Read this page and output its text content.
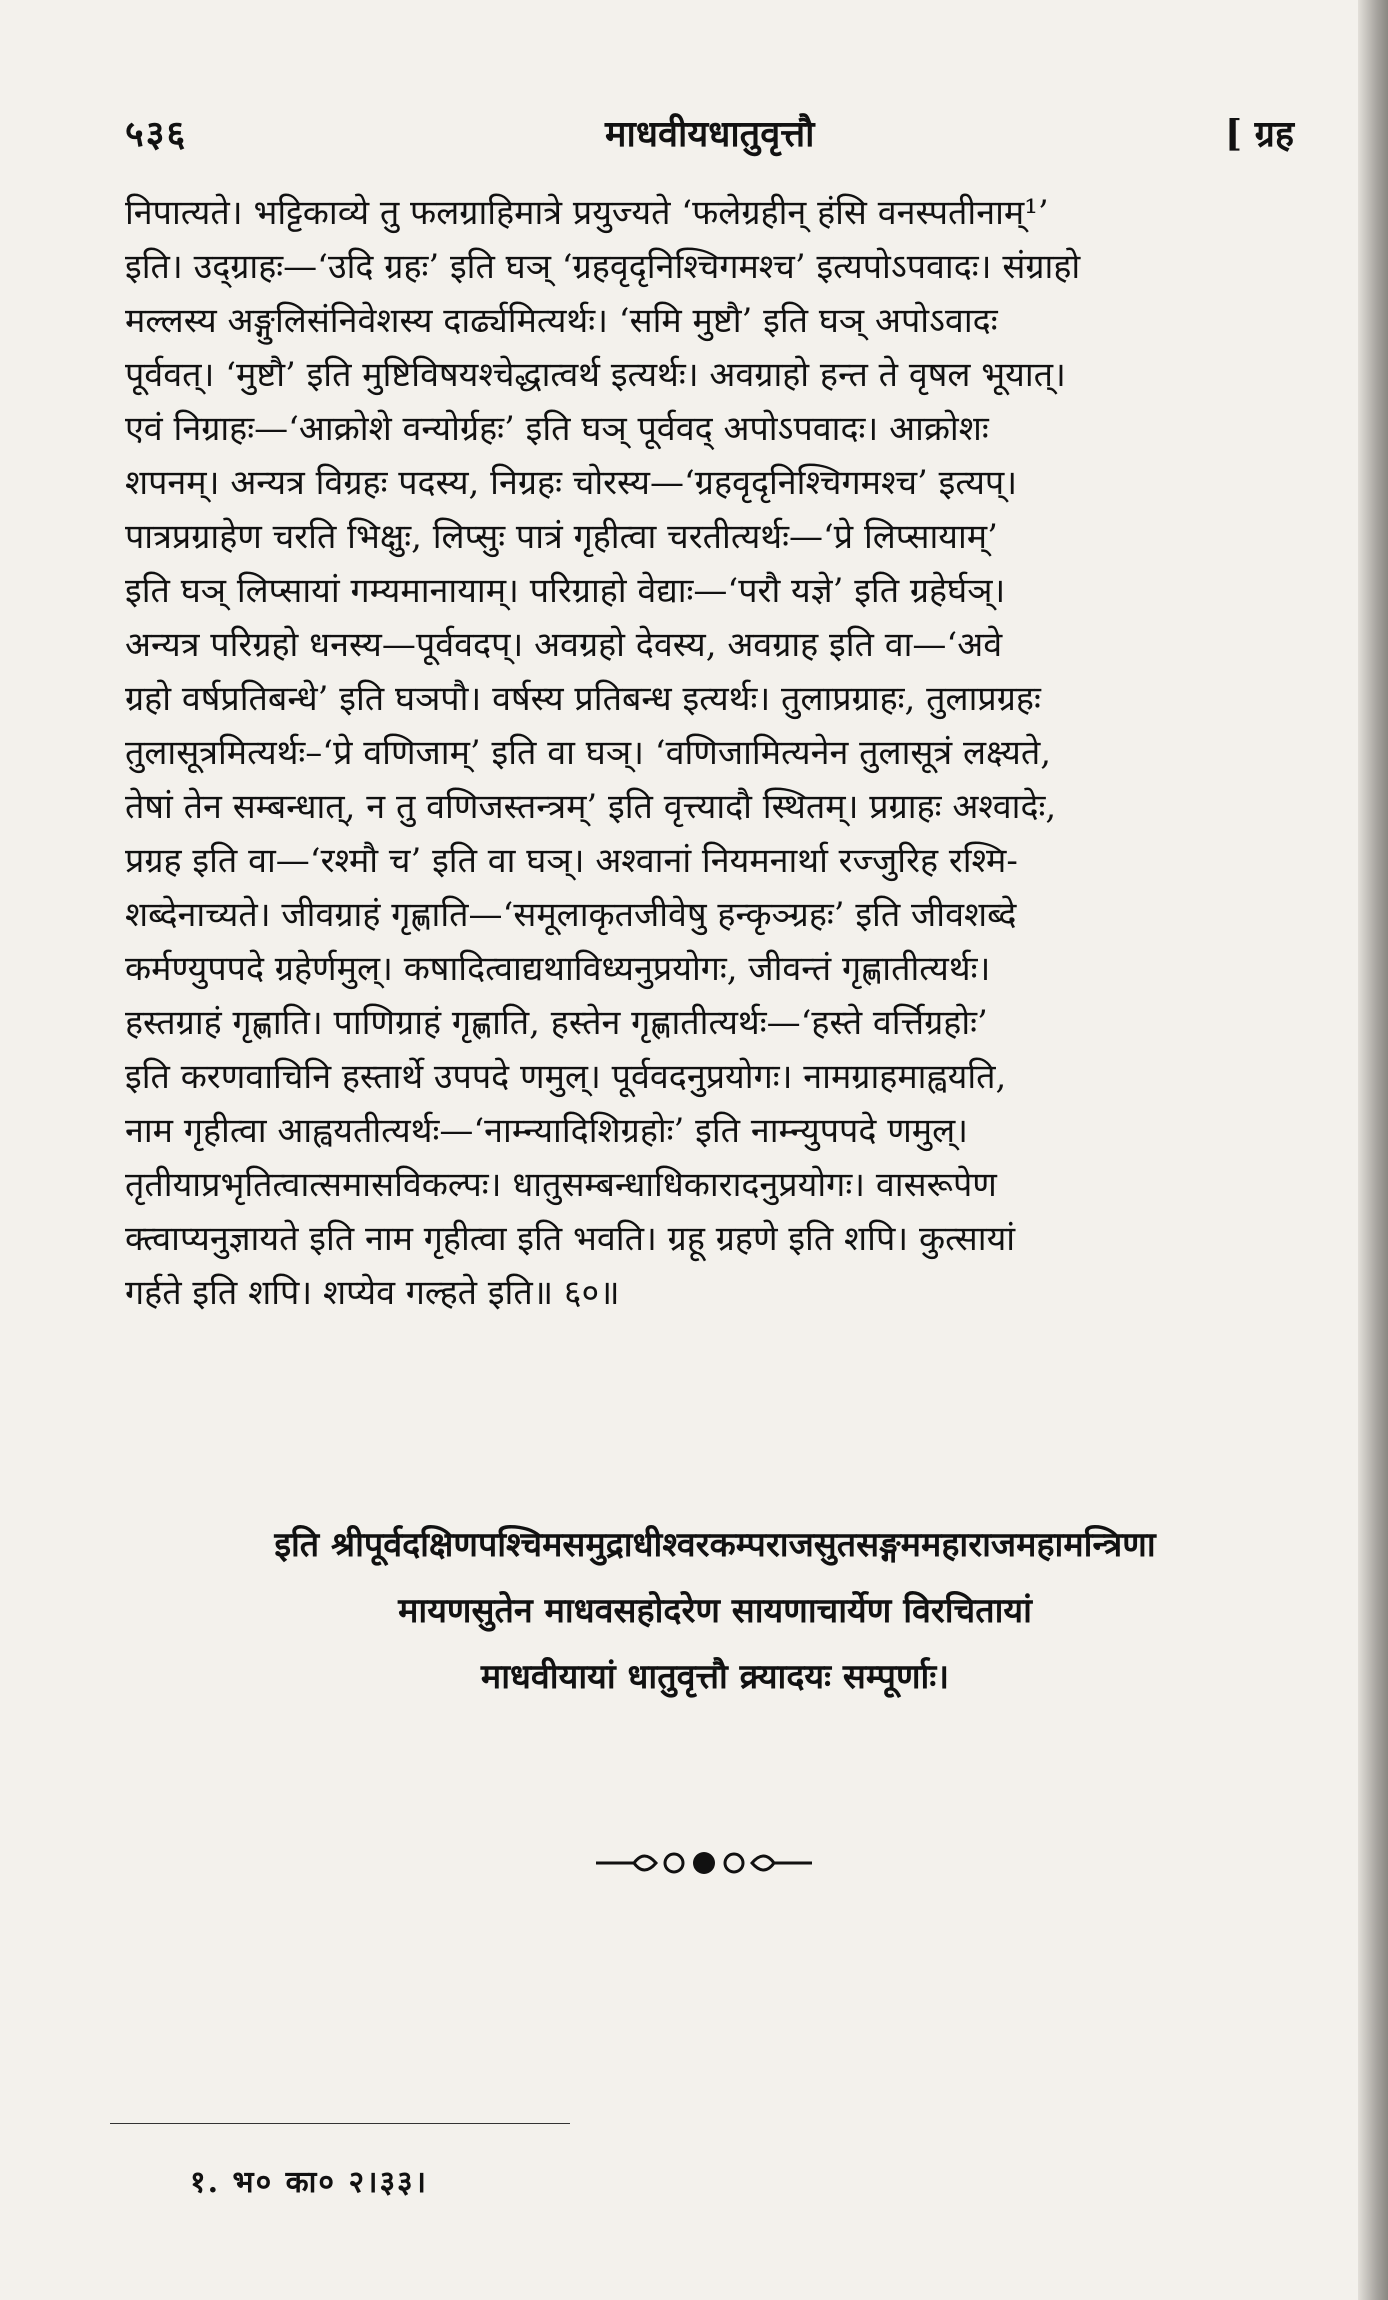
५३६	माधवीयधातुवृत्तौ	[ ग्रह
निपात्यते। भट्टिकाव्ये तु फलग्राहिमात्रे प्रयुज्यते ‘फलेग्रहीन् हंसि वनस्पतीनाम्¹’
इति। उद्ग्राहः—‘उदि ग्रहः’ इति घञ् ‘ग्रहवृदृनिश्चिगमश्च’ इत्यपोऽपवादः। संग्राहो
मल्लस्य अङ्गुलिसंनिवेशस्य दार्ढ्यमित्यर्थः। ‘समि मुष्टौ’ इति घञ् अपोऽवादः
पूर्ववत्। ‘मुष्टौ’ इति मुष्टिविषयश्चेद्धात्वर्थ इत्यर्थः। अवग्राहो हन्त ते वृषल भूयात्।
एवं निग्राहः—‘आक्रोशे वन्योर्ग्रहः’ इति घञ् पूर्ववद् अपोऽपवादः। आक्रोशः
शपनम्। अन्यत्र विग्रहः पदस्य, निग्रहः चोरस्य—‘ग्रहवृदृनिश्चिगमश्च’ इत्यप्।
पात्रप्रग्राहेण चरति भिक्षुः, लिप्सुः पात्रं गृहीत्वा चरतीत्यर्थः—‘प्रे लिप्सायाम्’
इति घञ् लिप्सायां गम्यमानायाम्। परिग्राहो वेद्याः—‘परौ यज्ञे’ इति ग्रहेर्घञ्।
अन्यत्र परिग्रहो धनस्य—पूर्ववदप्। अवग्रहो देवस्य, अवग्राह इति वा—‘अवे
ग्रहो वर्षप्रतिबन्धे’ इति घञपौ। वर्षस्य प्रतिबन्ध इत्यर्थः। तुलाप्रग्राहः, तुलाप्रग्रहः
तुलासूत्रमित्यर्थः–‘प्रे वणिजाम्’ इति वा घञ्। ‘वणिजामित्यनेन तुलासूत्रं लक्ष्यते,
तेषां तेन सम्बन्धात्, न तु वणिजस्तन्त्रम्’ इति वृत्त्यादौ स्थितम्। प्रग्राहः अश्वादेः,
प्रग्रह इति वा—‘रश्मौ च’ इति वा घञ्। अश्वानां नियमनार्था रज्जुरिह रश्मि-
शब्देनाच्यते। जीवग्राहं गृह्णाति—‘समूलाकृतजीवेषु हन्कृञ्ग्रहः’ इति जीवशब्दे
कर्मण्युपपदे ग्रहेर्णमुल्। कषादित्वाद्यथाविध्यनुप्रयोगः, जीवन्तं गृह्णातीत्यर्थः।
हस्तग्राहं गृह्णाति। पाणिग्राहं गृह्णाति, हस्तेन गृह्णातीत्यर्थः—‘हस्ते वर्त्तिग्रहोः’
इति करणवाचिनि हस्तार्थे उपपदे णमुल्। पूर्ववदनुप्रयोगः। नामग्राहमाह्वयति,
नाम गृहीत्वा आह्वयतीत्यर्थः—‘नाम्न्यादिशिग्रहोः’ इति नाम्न्युपपदे णमुल्।
तृतीयाप्रभृतित्वात्समासविकल्पः। धातुसम्बन्धाधिकारादनुप्रयोगः। वासरूपेण
क्त्वाप्यनुज्ञायते इति नाम गृहीत्वा इति भवति। ग्रहू ग्रहणे इति शपि। कुत्सायां
गर्हते इति शपि। शप्येव गल्हते इति॥ ६०॥
इति श्रीपूर्वदक्षिणपश्चिमसमुद्राधीश्वरकम्पराजसुतसङ्गममहाराजमहामन्त्रिणा
मायणसुतेन माधवसहोदरेण सायणाचार्येण विरचितायां
माधवीयायां धातुवृत्तौ क्र्यादयः सम्पूर्णाः।
१. भ० का० २।३३।
